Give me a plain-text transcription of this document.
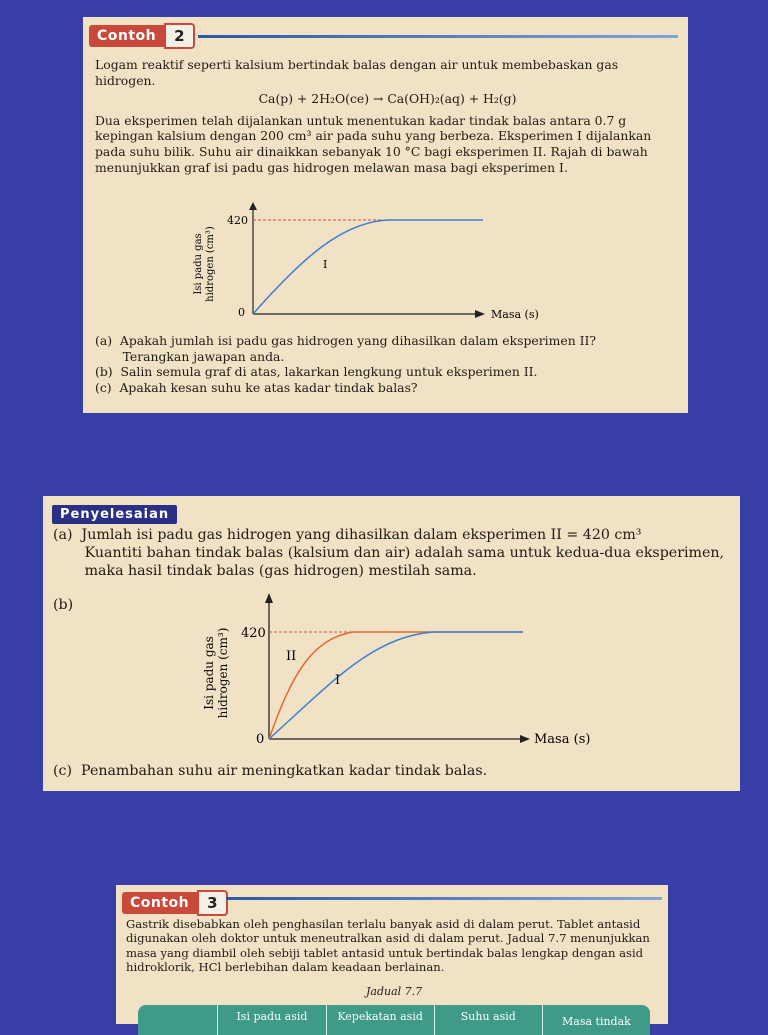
Contoh	2

Logam reaktif seperti kalsium bertindak balas dengan air untuk membebaskan gas hidrogen.

Ca(p) + 2H₂O(ce) → Ca(OH)₂(aq) + H₂(g)

Dua eksperimen telah dijalankan untuk menentukan kadar tindak balas antara 0.7 g kepingan kalsium dengan 200 cm³ air pada suhu yang berbeza. Eksperimen I dijalankan pada suhu bilik. Suhu air dinaikkan sebanyak 10 °C bagi eksperimen II. Rajah di bawah menunjukkan graf isi padu gas hidrogen melawan masa bagi eksperimen I.

Isi padu gas hidrogen (cm³)
420
0	Masa (s)
I
(a)  Apakah jumlah isi padu gas hidrogen yang dihasilkan dalam eksperimen II?
Terangkan jawapan anda.
(b)  Salin semula graf di atas, lakarkan lengkung untuk eksperimen II.
(c)  Apakah kesan suhu ke atas kadar tindak balas?
Penyelesaian

(a)  Jumlah isi padu gas hidrogen yang dihasilkan dalam eksperimen II = 420 cm³

Kuantiti bahan tindak balas (kalsium dan air) adalah sama untuk kedua-dua eksperimen,

maka hasil tindak balas (gas hidrogen) mestilah sama.

(b)
Isi padu gas hidrogen (cm³) 420
0	Masa (s)
II
I
(c)  Penambahan suhu air meningkatkan kadar tindak balas.
Contoh	3
Gastrik disebabkan oleh penghasilan terlalu banyak asid di dalam perut. Tablet antasid digunakan oleh doktor untuk meneutralkan asid di dalam perut. Jadual 7.7 menunjukkan masa yang diambil oleh sebiji tablet antasid untuk bertindak balas lengkap dengan asid hidroklorik, HCl berlebihan dalam keadaan berlainan.
Jadual 7.7
Isi padu asid	Kepekatan asid	Suhu asid	Masa tindak
